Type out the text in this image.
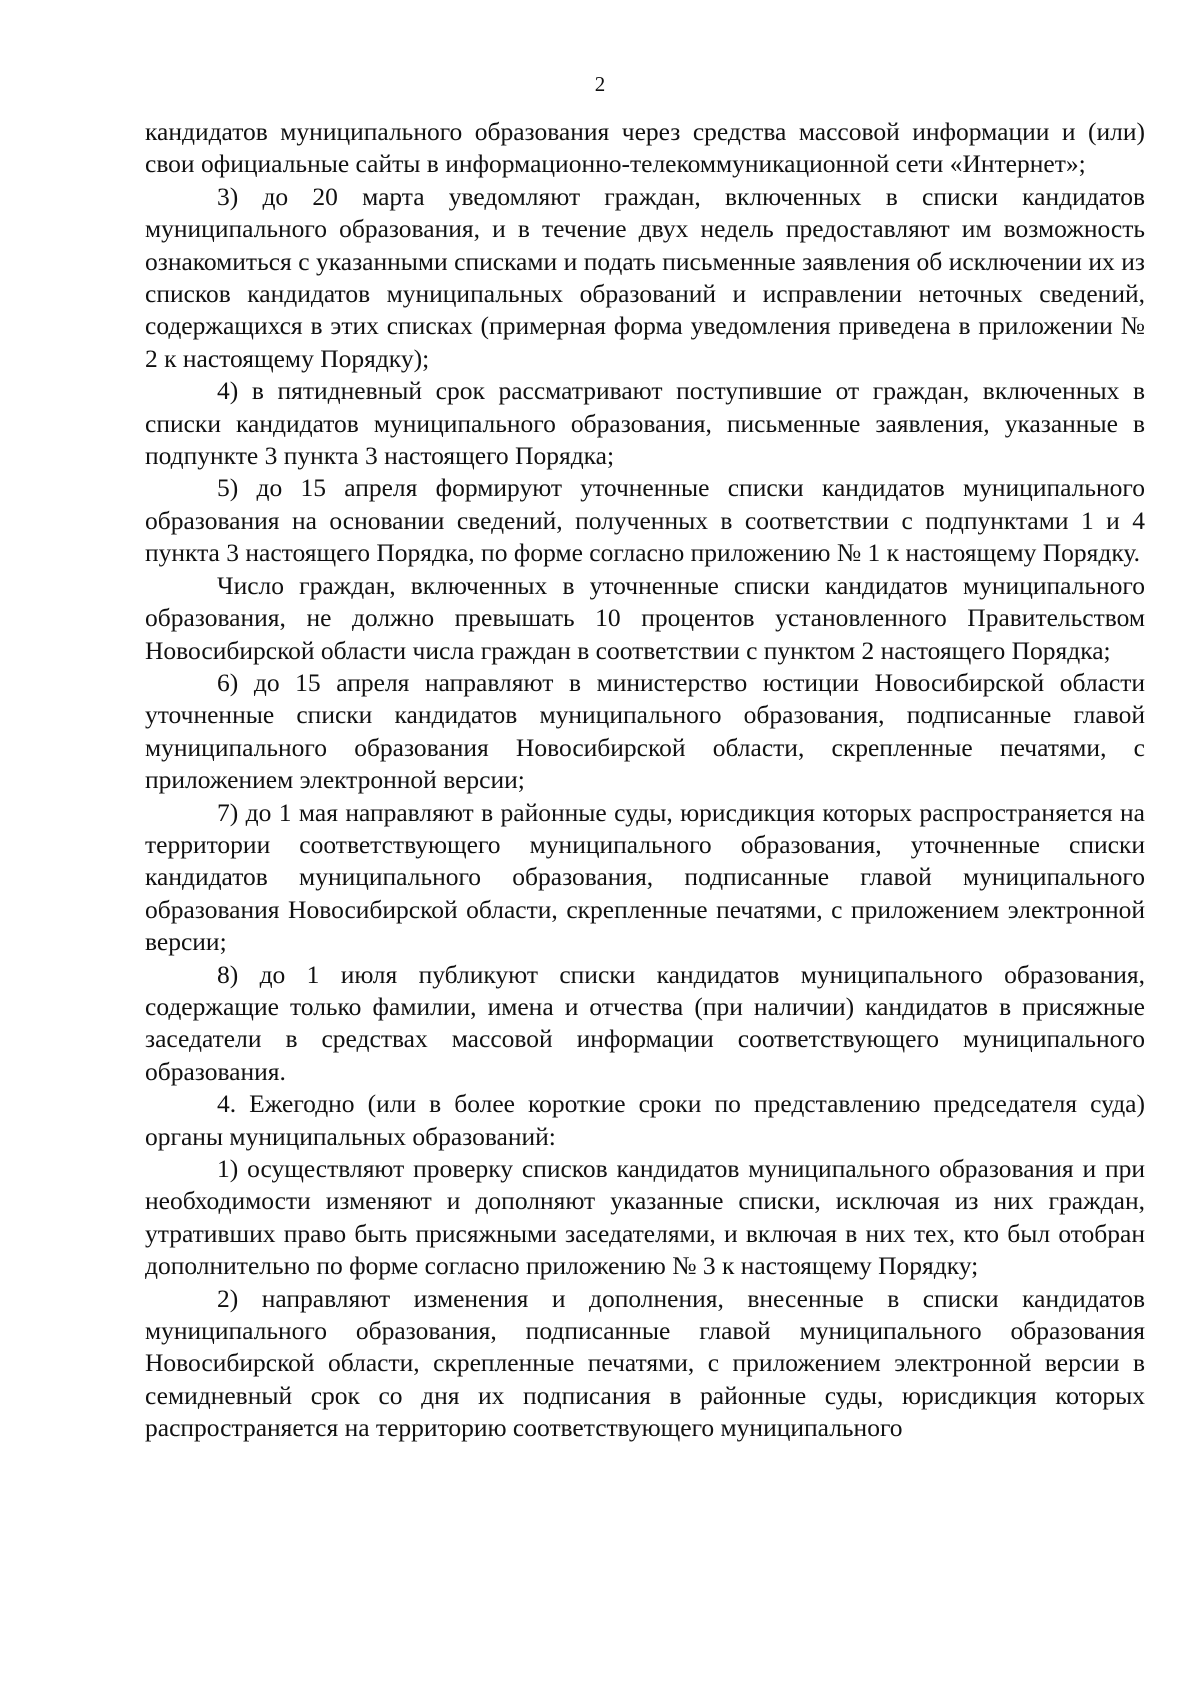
2

кандидатов муниципального образования через средства массовой информации и (или) свои официальные сайты в информационно-телекоммуникационной сети «Интернет»;

3) до 20 марта уведомляют граждан, включенных в списки кандидатов муниципального образования, и в течение двух недель предоставляют им возможность ознакомиться с указанными списками и подать письменные заявления об исключении их из списков кандидатов муниципальных образований и исправлении неточных сведений, содержащихся в этих списках (примерная форма уведомления приведена в приложении № 2 к настоящему Порядку);

4) в пятидневный срок рассматривают поступившие от граждан, включенных в списки кандидатов муниципального образования, письменные заявления, указанные в подпункте 3 пункта 3 настоящего Порядка;

5) до 15 апреля формируют уточненные списки кандидатов муниципального образования на основании сведений, полученных в соответствии с подпунктами 1 и 4 пункта 3 настоящего Порядка, по форме согласно приложению № 1 к настоящему Порядку.

Число граждан, включенных в уточненные списки кандидатов муниципального образования, не должно превышать 10 процентов установленного Правительством Новосибирской области числа граждан в соответствии с пунктом 2 настоящего Порядка;

6) до 15 апреля направляют в министерство юстиции Новосибирской области уточненные списки кандидатов муниципального образования, подписанные главой муниципального образования Новосибирской области, скрепленные печатями, с приложением электронной версии;

7) до 1 мая направляют в районные суды, юрисдикция которых распространяется на территории соответствующего муниципального образования, уточненные списки кандидатов муниципального образования, подписанные главой муниципального образования Новосибирской области, скрепленные печатями, с приложением электронной версии;

8) до 1 июля публикуют списки кандидатов муниципального образования, содержащие только фамилии, имена и отчества (при наличии) кандидатов в присяжные заседатели в средствах массовой информации соответствующего муниципального образования.

4. Ежегодно (или в более короткие сроки по представлению председателя суда) органы муниципальных образований:

1) осуществляют проверку списков кандидатов муниципального образования и при необходимости изменяют и дополняют указанные списки, исключая из них граждан, утративших право быть присяжными заседателями, и включая в них тех, кто был отобран дополнительно по форме согласно приложению № 3 к настоящему Порядку;

2) направляют изменения и дополнения, внесенные в списки кандидатов муниципального образования, подписанные главой муниципального образования Новосибирской области, скрепленные печатями, с приложением электронной версии в семидневный срок со дня их подписания в районные суды, юрисдикция которых распространяется на территорию соответствующего муниципального
